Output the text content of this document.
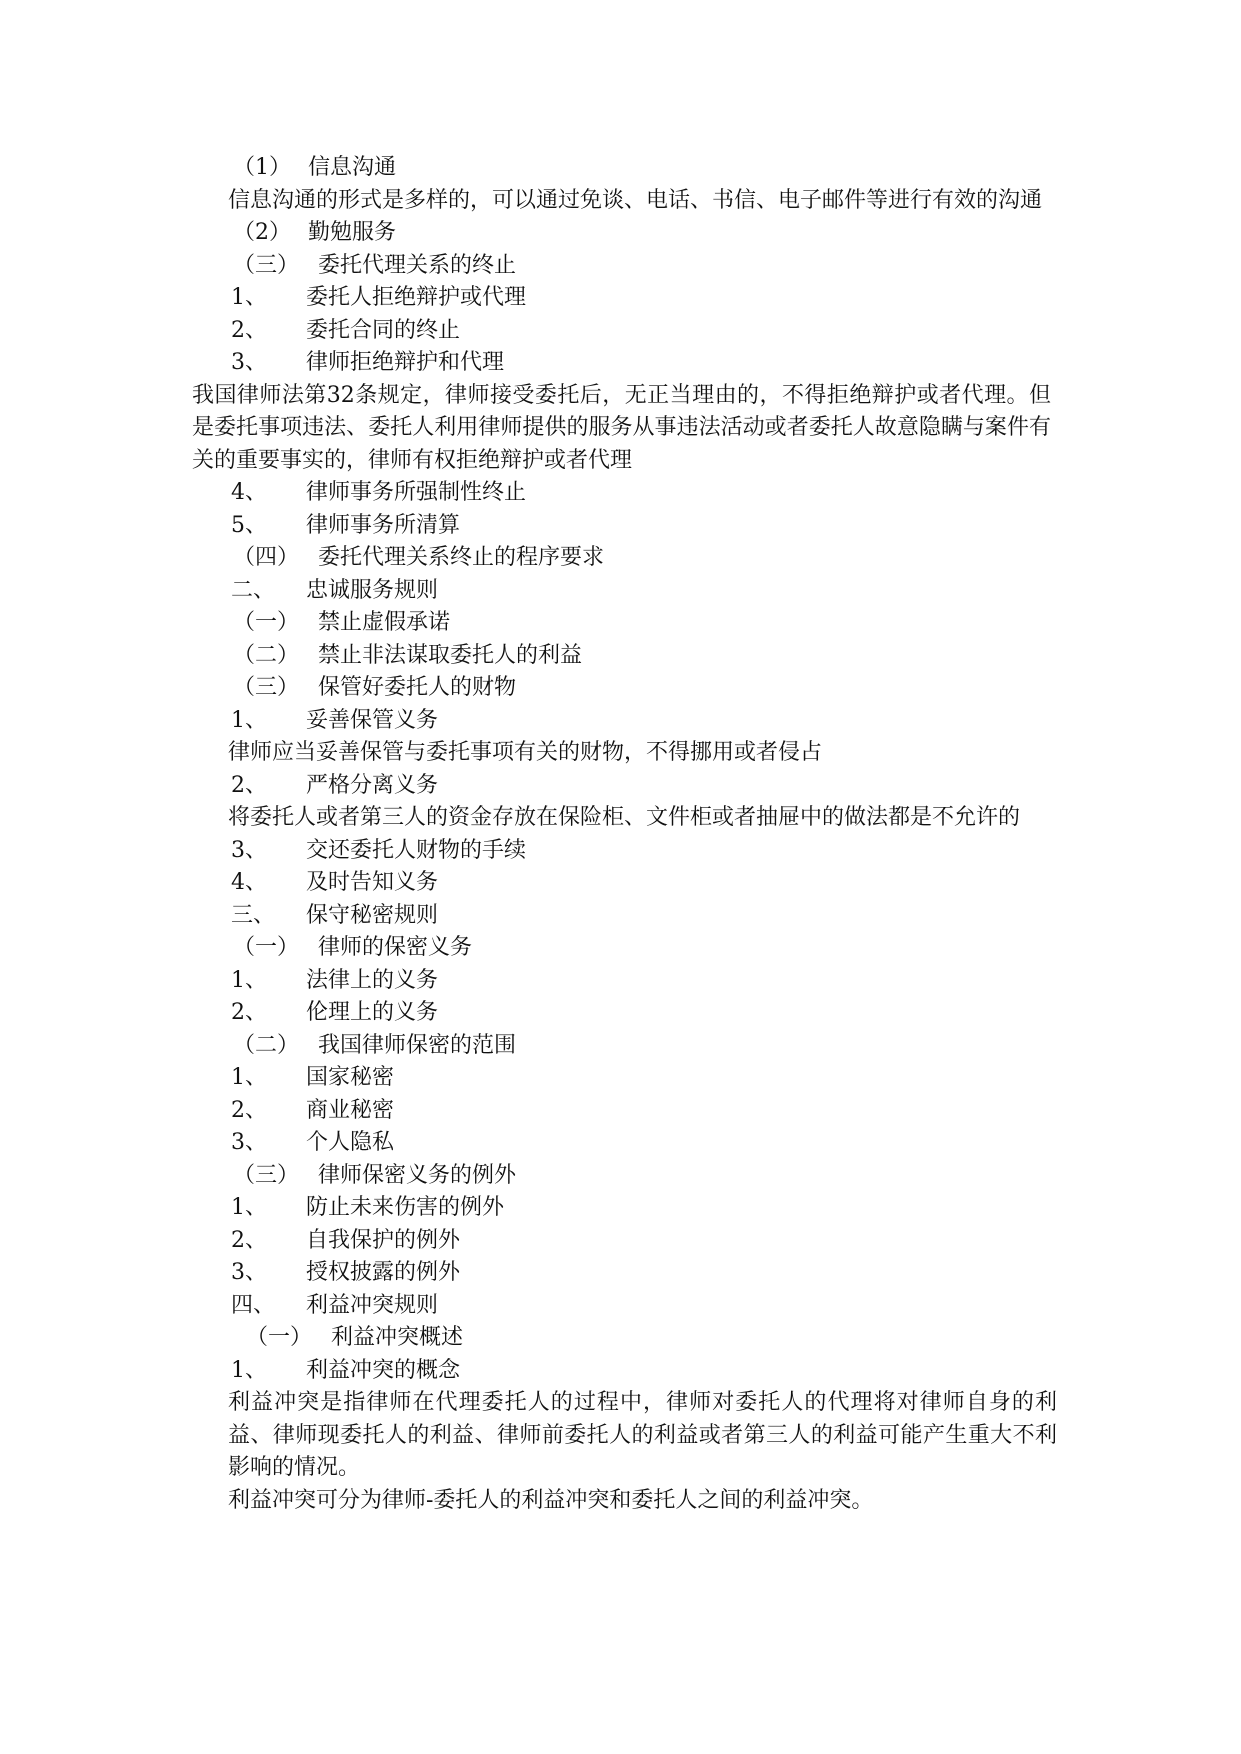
（1） 信息沟通
信息沟通的形式是多样的，可以通过免谈、电话、书信、电子邮件等进行有效的沟通
（2） 勤勉服务
（三） 委托代理关系的终止
1、 委托人拒绝辩护或代理
2、 委托合同的终止
3、 律师拒绝辩护和代理
我国律师法第32条规定，律师接受委托后，无正当理由的，不得拒绝辩护或者代理。但是委托事项违法、委托人利用律师提供的服务从事违法活动或者委托人故意隐瞒与案件有关的重要事实的，律师有权拒绝辩护或者代理
4、 律师事务所强制性终止
5、 律师事务所清算
（四） 委托代理关系终止的程序要求
二、 忠诚服务规则
（一） 禁止虚假承诺
（二） 禁止非法谋取委托人的利益
（三） 保管好委托人的财物
1、 妥善保管义务
律师应当妥善保管与委托事项有关的财物，不得挪用或者侵占
2、 严格分离义务
将委托人或者第三人的资金存放在保险柜、文件柜或者抽屉中的做法都是不允许的
3、 交还委托人财物的手续
4、 及时告知义务
三、 保守秘密规则
（一） 律师的保密义务
1、 法律上的义务
2、 伦理上的义务
（二） 我国律师保密的范围
1、 国家秘密
2、 商业秘密
3、 个人隐私
（三） 律师保密义务的例外
1、 防止未来伤害的例外
2、 自我保护的例外
3、 授权披露的例外
四、 利益冲突规则
（一） 利益冲突概述
1、 利益冲突的概念
利益冲突是指律师在代理委托人的过程中，律师对委托人的代理将对律师自身的利益、律师现委托人的利益、律师前委托人的利益或者第三人的利益可能产生重大不利影响的情况。
利益冲突可分为律师-委托人的利益冲突和委托人之间的利益冲突。
